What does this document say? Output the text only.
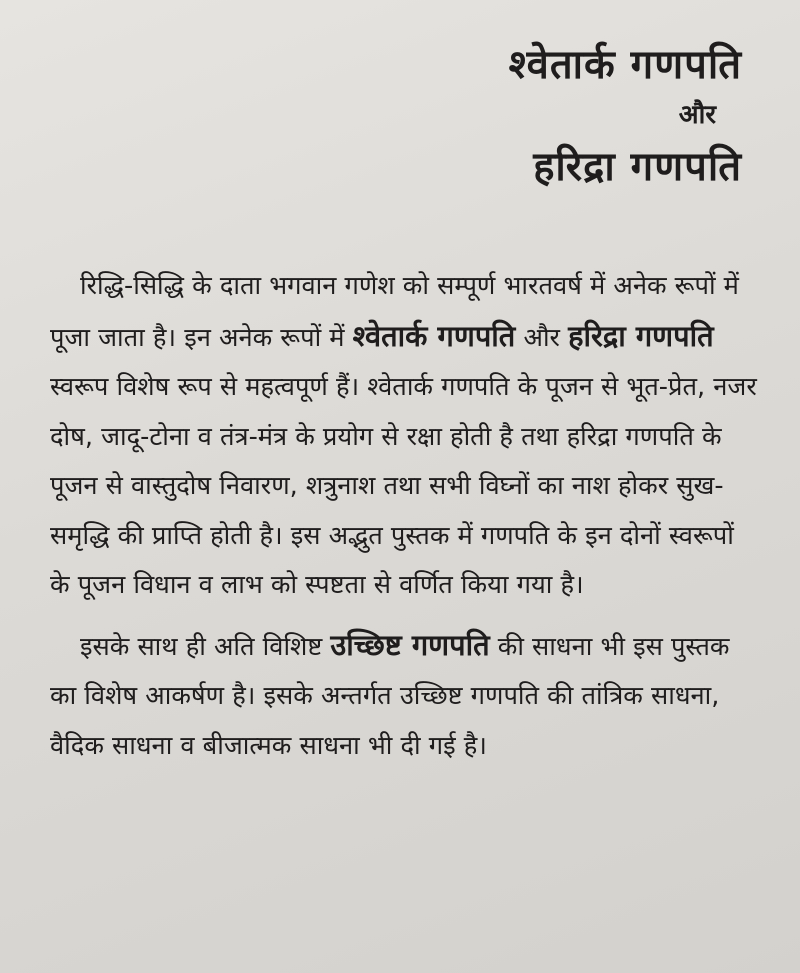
श्वेतार्क गणपति
और
हरिद्रा गणपति

रिद्धि-सिद्धि के दाता भगवान गणेश को सम्पूर्ण भारतवर्ष में अनेक रूपों में पूजा जाता है। इन अनेक रूपों में श्वेतार्क गणपति और हरिद्रा गणपति स्वरूप विशेष रूप से महत्वपूर्ण हैं। श्वेतार्क गणपति के पूजन से भूत-प्रेत, नजर दोष, जादू-टोना व तंत्र-मंत्र के प्रयोग से रक्षा होती है तथा हरिद्रा गणपति के पूजन से वास्तुदोष निवारण, शत्रुनाश तथा सभी विघ्नों का नाश होकर सुख-समृद्धि की प्राप्ति होती है। इस अद्भुत पुस्तक में गणपति के इन दोनों स्वरूपों के पूजन विधान व लाभ को स्पष्टता से वर्णित किया गया है।

इसके साथ ही अति विशिष्ट उच्छिष्ट गणपति की साधना भी इस पुस्तक का विशेष आकर्षण है। इसके अन्तर्गत उच्छिष्ट गणपति की तांत्रिक साधना, वैदिक साधना व बीजात्मक साधना भी दी गई है।
